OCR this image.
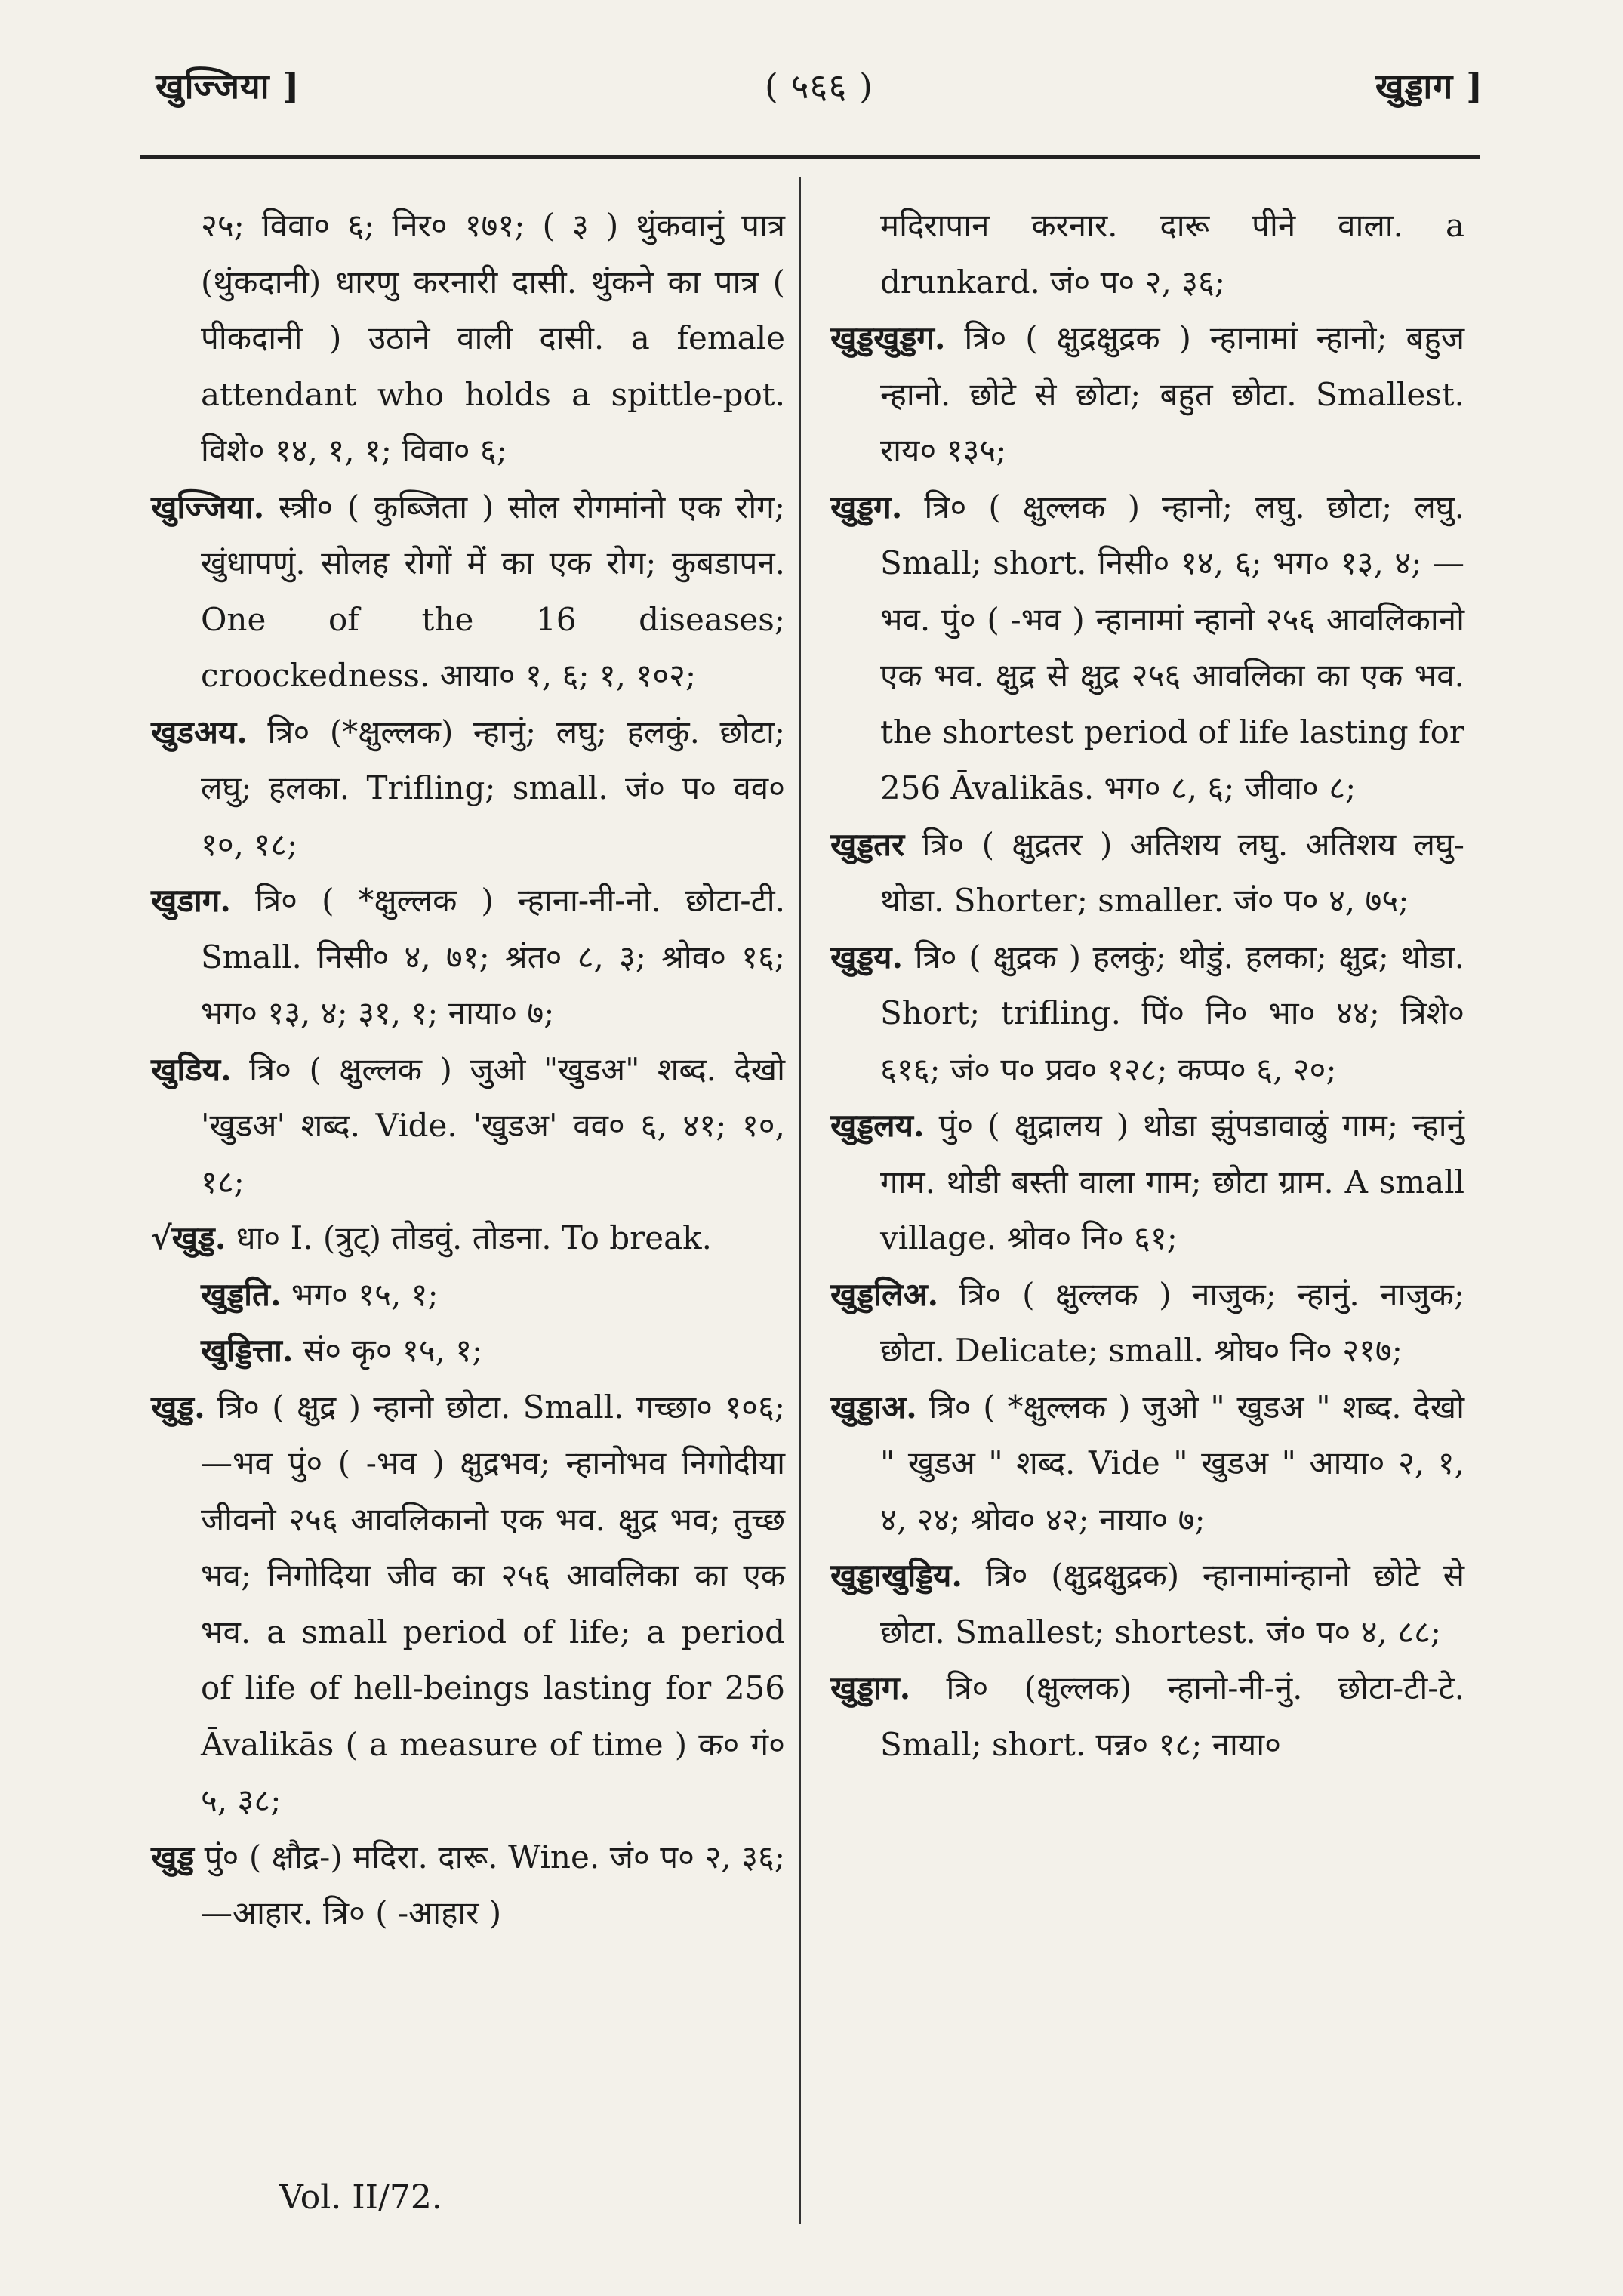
खुज्जिया ]	( ५६६ )	खुड्डाग ]

२५; विवा० ६; निर० १७१; ( ३ ) थुंकवानुं पात्र (थुंकदानी) धारणु करनारी दासी. थुंकने का पात्र ( पीकदानी ) उठाने वाली दासी. a female attendant who holds a spittle-pot. विशे० १४, १, १; विवा० ६;

खुज्जिया. स्त्री० ( कुब्जिता ) सोल रोगमांनो एक रोग; खुंधापणुं. सोलह रोगों में का एक रोग; कुबडापन. One of the 16 diseases; croockedness. आया० १, ६; १, १०२;

खुडअय. त्रि० (*क्षुल्लक) न्हानुं; लघु; हलकुं. छोटा; लघु; हलका. Trifling; small. जं० प० वव० १०, १८;

खुडाग. त्रि० ( *क्षुल्लक ) न्हाना-नी-नो. छोटा-टी. Small. निसी० ४, ७१; श्रंत० ८, ३; श्रोव० १६; भग० १३, ४; ३१, १; नाया० ७;

खुडिय. त्रि० ( क्षुल्लक ) जुओ "खुडअ" शब्द. देखो 'खुडअ' शब्द. Vide. 'खुडअ' वव० ६, ४१; १०, १८;

√खुड्ड. धा० I. (त्रुट्) तोडवुं. तोडना. To break.

खुड्डति. भग० १५, १;

खुड्डित्ता. सं० कृ० १५, १;

खुड्ड. त्रि० ( क्षुद्र ) न्हानो छोटा. Small. गच्छा० १०६; —भव पुं० ( -भव ) क्षुद्रभव; न्हानोभव निगोदीया जीवनो २५६ आवलिकानो एक भव. क्षुद्र भव; तुच्छ भव; निगोदिया जीव का २५६ आवलिका का एक भव. a small period of life; a period of life of hell-beings lasting for 256 Āvalikās ( a measure of time ) क० गं० ५, ३८;

खुड्ड पुं० ( क्षौद्र-) मदिरा. दारू. Wine. जं० प० २, ३६; —आहार. त्रि० ( -आहार )

मदिरापान करनार. दारू पीने वाला. a drunkard. जं० प० २, ३६;

खुड्डखुड्डग. त्रि० ( क्षुद्रक्षुद्रक ) न्हानामां न्हानो; बहुज न्हानो. छोटे से छोटा; बहुत छोटा. Smallest. राय० १३५;

खुड्डग. त्रि० ( क्षुल्लक ) न्हानो; लघु. छोटा; लघु. Small; short. निसी० १४, ६; भग० १३, ४; —भव. पुं० ( -भव ) न्हानामां न्हानो २५६ आवलिकानो एक भव. क्षुद्र से क्षुद्र २५६ आवलिका का एक भव. the shortest period of life lasting for 256 Āvalikās. भग० ८, ६; जीवा० ८;

खुड्डतर त्रि० ( क्षुद्रतर ) अतिशय लघु. अतिशय लघु-थोडा. Shorter; smaller. जं० प० ४, ७५;

खुड्डय. त्रि० ( क्षुद्रक ) हलकुं; थोडुं. हलका; क्षुद्र; थोडा. Short; trifling. पिं० नि० भा० ४४; त्रिशे० ६१६; जं० प० प्रव० १२८; कप्प० ६, २०;

खुड्डलय. पुं० ( क्षुद्रालय ) थोडा झुंपडावाळुं गाम; न्हानुं गाम. थोडी बस्ती वाला गाम; छोटा ग्राम. A small village. श्रोव० नि० ६१;

खुड्डलिअ. त्रि० ( क्षुल्लक ) नाजुक; न्हानुं. नाजुक; छोटा. Delicate; small. श्रोघ० नि० २१७;

खुड्डाअ. त्रि० ( *क्षुल्लक ) जुओ " खुडअ " शब्द. देखो " खुडअ " शब्द. Vide " खुडअ " आया० २, १, ४, २४; श्रोव० ४२; नाया० ७;

खुड्डाखुड्डिय. त्रि० (क्षुद्रक्षुद्रक) न्हानामांन्हानो छोटे से छोटा. Smallest; shortest. जं० प० ४, ८८;

खुड्डाग. त्रि० (क्षुल्लक) न्हानो-नी-नुं. छोटा-टी-टे. Small; short. पन्न० १८; नाया०

Vol. II/72.
